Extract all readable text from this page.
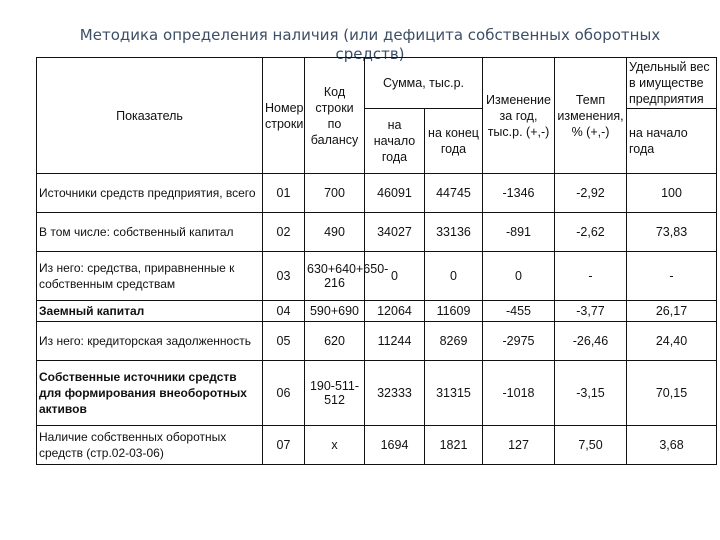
Методика определения наличия (или дефицита собственных оборотных средств)
Показатель	Номер строки	Код строки по балансу	Сумма, тыс.р.		Изменение за год, тыс.р. (+,-)	Темп изменения, % (+,-)	Удельный вес в имуществе предприятия
			на начало года	на конец года			на начало года
Источники средств предприятия, всего	01	700	46091	44745	-1346	-2,92	100
В том числе: собственный капитал	02	490	34027	33136	-891	-2,62	73,83
Из него: средства, приравненные к собственным средствам	03	630+640+650-216	0	0	0	-	-
Заемный капитал	04	590+690	12064	11609	-455	-3,77	26,17
Из него: кредиторская задолженность	05	620	11244	8269	-2975	-26,46	24,40
Собственные источники средств для формирования внеоборотных активов	06	190-511-512	32333	31315	-1018	-3,15	70,15
Наличие собственных оборотных средств (стр.02-03-06)	07	х	1694	1821	127	7,50	3,68
